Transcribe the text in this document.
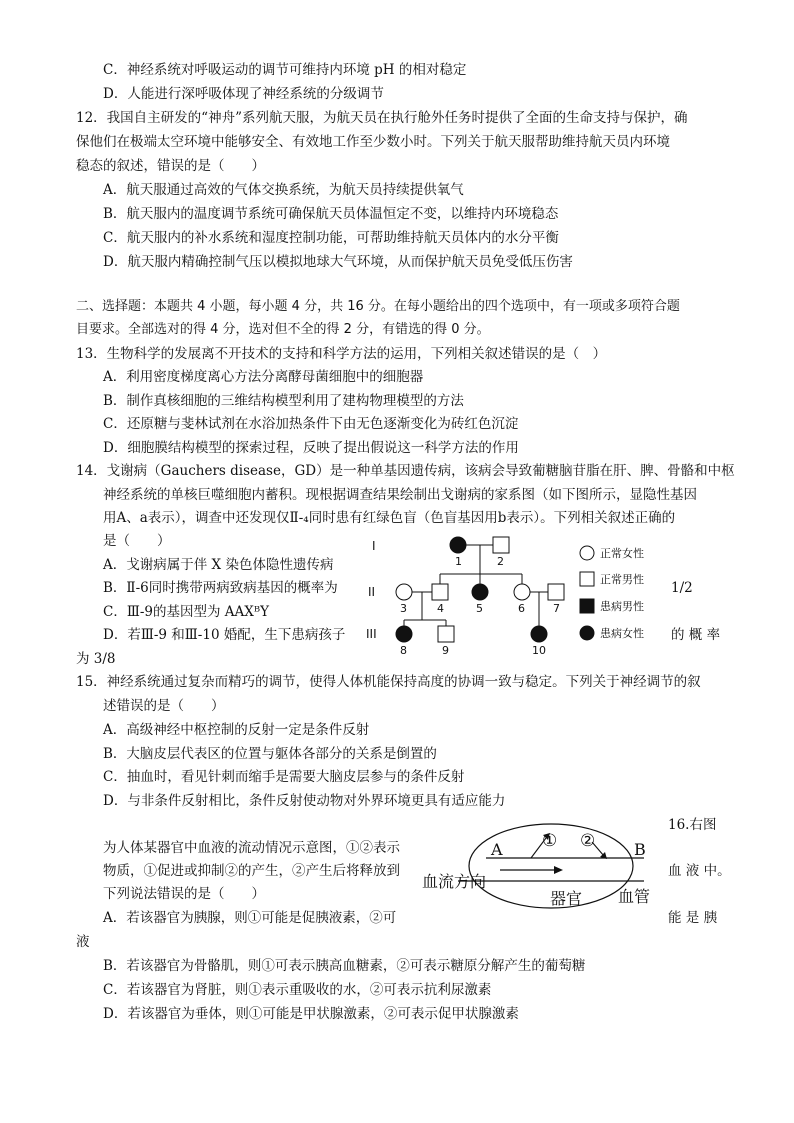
C．神经系统对呼吸运动的调节可维持内环境 pH 的相对稳定
D．人能进行深呼吸体现了神经系统的分级调节
12．我国自主研发的“神舟”系列航天服，为航天员在执行舱外任务时提供了全面的生命支持与保护，确
保他们在极端太空环境中能够安全、有效地工作至少数小时。下列关于航天服帮助维持航天员内环境
稳态的叙述，错误的是（　　）
A．航天服通过高效的气体交换系统，为航天员持续提供氧气
B．航天服内的温度调节系统可确保航天员体温恒定不变，以维持内环境稳态
C．航天服内的补水系统和湿度控制功能，可帮助维持航天员体内的水分平衡
D．航天服内精确控制气压以模拟地球大气环境，从而保护航天员免受低压伤害
二、选择题：本题共 4 小题，每小题 4 分，共 16 分。在每小题给出的四个选项中，有一项或多项符合题
目要求。全部选对的得 4 分，选对但不全的得 2 分，有错选的得 0 分。
13．生物科学的发展离不开技术的支持和科学方法的运用，下列相关叙述错误的是（　）
A．利用密度梯度离心方法分离酵母菌细胞中的细胞器
B．制作真核细胞的三维结构模型利用了建构物理模型的方法
C．还原糖与斐林试剂在水浴加热条件下由无色逐渐变化为砖红色沉淀
D．细胞膜结构模型的探索过程，反映了提出假说这一科学方法的作用
14．戈谢病（Gauchers disease，GD）是一种单基因遗传病，该病会导致葡糖脑苷脂在肝、脾、骨骼和中枢
神经系统的单核巨噬细胞内蓄积。现根据调查结果绘制出戈谢病的家系图（如下图所示，显隐性基因
用A、a表示），调查中还发现仅Ⅱ-₄同时患有红绿色盲（色盲基因用b表示）。下列相关叙述正确的
是（　　）
A．戈谢病属于伴 X 染色体隐性遗传病
B．Ⅱ-6同时携带两病致病基因的概率为	1/2
C．Ⅲ-9的基因型为 AAXᴮY
D．若Ⅲ-9 和Ⅲ-10 婚配，生下患病孩子	的 概 率
为 3/8
I
II
III
1	2
3	4	5	6	7
8	9	10
正常女性
正常男性
患病男性
患病女性
15．神经系统通过复杂而精巧的调节，使得人体机能保持高度的协调一致与稳定。下列关于神经调节的叙
述错误的是（　　）
A．高级神经中枢控制的反射一定是条件反射
B．大脑皮层代表区的位置与躯体各部分的关系是倒置的
C．抽血时，看见针刺而缩手是需要大脑皮层参与的条件反射
D．与非条件反射相比，条件反射使动物对外界环境更具有适应能力
16.右图
为人体某器官中血液的流动情况示意图，①②表示
物质，①促进或抑制②的产生，②产生后将释放到	血 液 中。
下列说法错误的是（　　）
A．若该器官为胰腺，则①可能是促胰液素，②可	能 是 胰
液
B．若该器官为骨骼肌，则①可表示胰高血糖素，②可表示糖原分解产生的葡萄糖
C．若该器官为肾脏，则①表示重吸收的水，②可表示抗利尿激素
D．若该器官为垂体，则①可能是甲状腺激素，②可表示促甲状腺激素
A	B
① ②
血流方向
器官 血管
